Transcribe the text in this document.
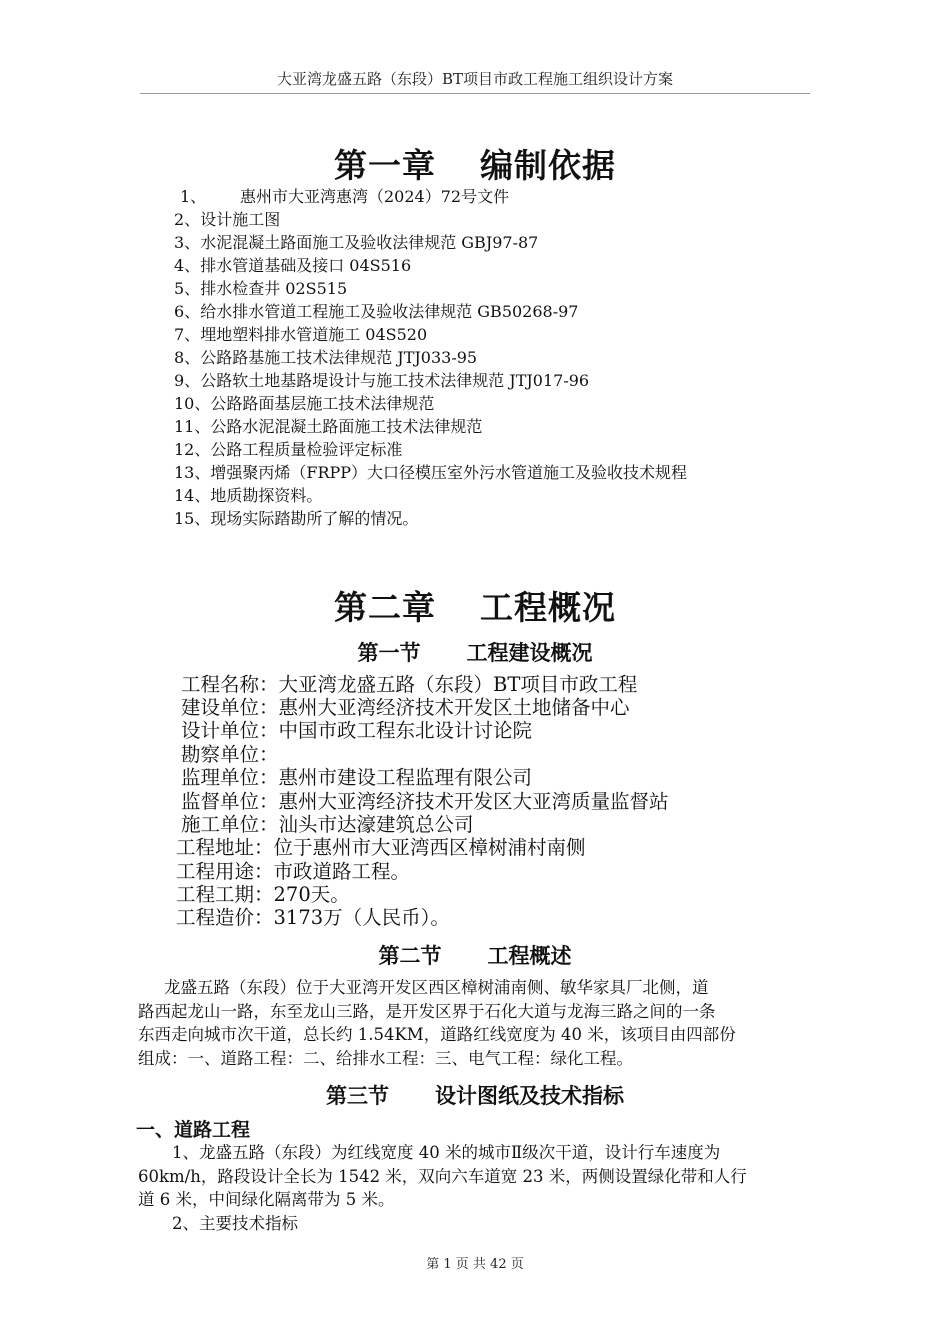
大亚湾龙盛五路（东段）BT项目市政工程施工组织设计方案
第一章 编制依据
1、 惠州市大亚湾惠湾（2024）72号文件
2、设计施工图
3、水泥混凝土路面施工及验收法律规范 GBJ97-87
4、排水管道基础及接口 04S516
5、排水检查井 02S515
6、给水排水管道工程施工及验收法律规范 GB50268-97
7、埋地塑料排水管道施工 04S520
8、公路路基施工技术法律规范 JTJ033-95
9、公路软土地基路堤设计与施工技术法律规范 JTJ017-96
10、公路路面基层施工技术法律规范
11、公路水泥混凝土路面施工技术法律规范
12、公路工程质量检验评定标准
13、增强聚丙烯（FRPP）大口径模压室外污水管道施工及验收技术规程
14、地质勘探资料。
15、现场实际踏勘所了解的情况。
第二章 工程概况
第一节 工程建设概况
工程名称：大亚湾龙盛五路（东段）BT项目市政工程
建设单位：惠州大亚湾经济技术开发区土地储备中心
设计单位：中国市政工程东北设计讨论院
勘察单位：
监理单位：惠州市建设工程监理有限公司
监督单位：惠州大亚湾经济技术开发区大亚湾质量监督站
施工单位：汕头市达濠建筑总公司
工程地址：位于惠州市大亚湾西区樟树浦村南侧
工程用途：市政道路工程。
工程工期：270天。
工程造价：3173万（人民币）。
第二节 工程概述
龙盛五路（东段）位于大亚湾开发区西区樟树浦南侧、敏华家具厂北侧，道
路西起龙山一路，东至龙山三路，是开发区界于石化大道与龙海三路之间的一条
东西走向城市次干道，总长约 1.54KM，道路红线宽度为 40 米，该项目由四部份
组成：一、道路工程：二、给排水工程：三、电气工程：绿化工程。
第三节 设计图纸及技术指标
一、道路工程
1、龙盛五路（东段）为红线宽度 40 米的城市Ⅱ级次干道，设计行车速度为
60km/h，路段设计全长为 1542 米，双向六车道宽 23 米，两侧设置绿化带和人行
道 6 米，中间绿化隔离带为 5 米。
2、主要技术指标
第 1 页 共 42 页
